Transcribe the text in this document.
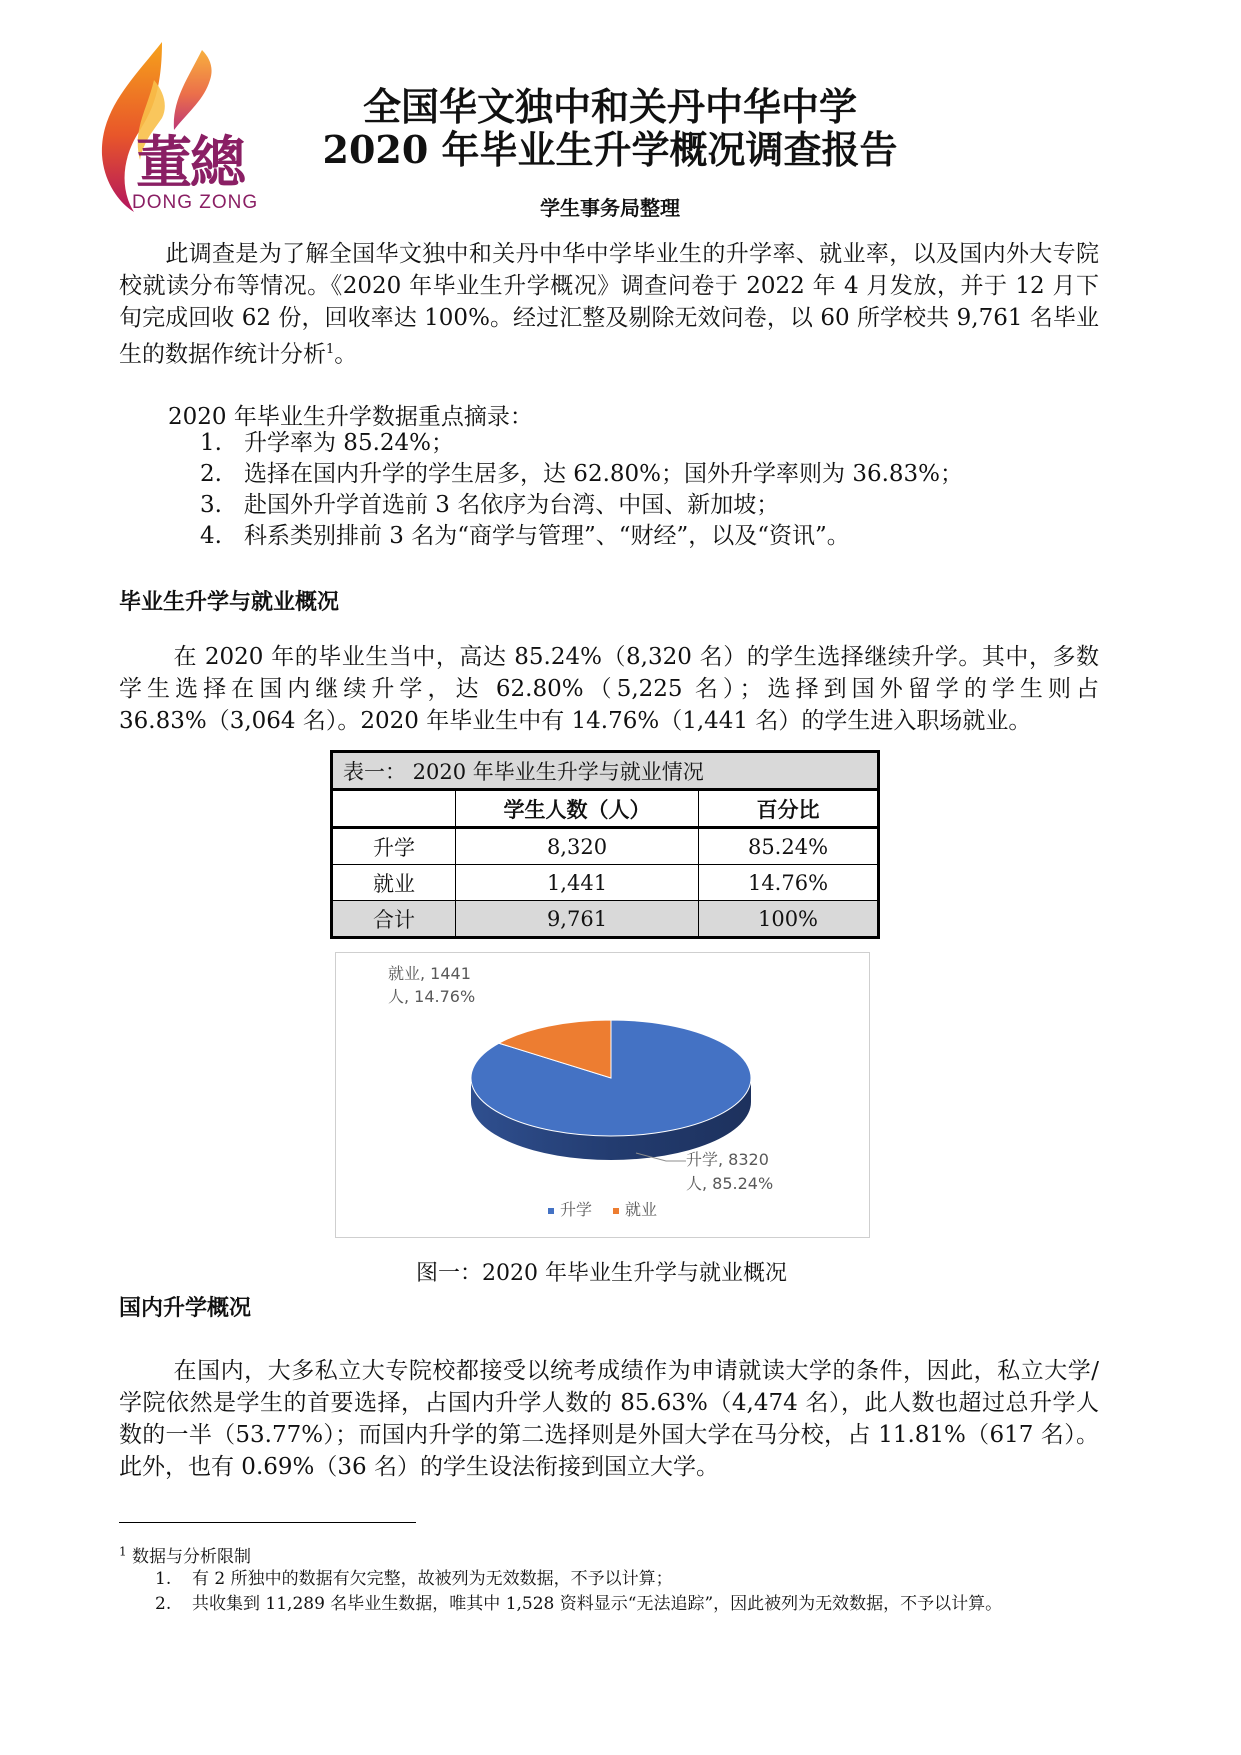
董總
DONG ZONG
全国华文独中和关丹中华中学
2020 年毕业生升学概况调查报告
学生事务局整理

此调查是为了解全国华文独中和关丹中华中学毕业生的升学率、就业率，以及国内外大专院校就读分布等情况。《2020 年毕业生升学概况》调查问卷于 2022 年 4 月发放，并于 12 月下旬完成回收 62 份，回收率达 100%。经过汇整及剔除无效问卷，以 60 所学校共 9,761 名毕业生的数据作统计分析$^1$。

2020 年毕业生升学数据重点摘录：
1. 升学率为 85.24%；
2. 选择在国内升学的学生居多，达 62.80%；国外升学率则为 36.83%；
3. 赴国外升学首选前 3 名依序为台湾、中国、新加坡；
4. 科系类别排前 3 名为“商学与管理”、“财经”，以及“资讯”。
毕业生升学与就业概况

在 2020 年的毕业生当中，高达 85.24%（8,320 名）的学生选择继续升学。其中，多数学生选择在国内继续升学，达 62.80%（5,225 名）；选择到国外留学的学生则占 36.83%（3,064 名）。2020 年毕业生中有 14.76%（1,441 名）的学生进入职场就业。

表一： 2020 年毕业生升学与就业情况		
	学生人数（人）	百分比
升学	8,320	85.24%
就业	1,441	14.76%
合计	9,761	100%
就业, 1441
人, 14.76%
升学, 8320
人, 85.24%
升学 就业
图一：2020 年毕业生升学与就业概况
国内升学概况

在国内，大多私立大专院校都接受以统考成绩作为申请就读大学的条件，因此，私立大学/学院依然是学生的首要选择，占国内升学人数的 85.63%（4,474 名），此人数也超过总升学人数的一半（53.77%）；而国内升学的第二选择则是外国大学在马分校，占 11.81%（617 名）。此外，也有 0.69%（36 名）的学生设法衔接到国立大学。

$^1$ 数据与分析限制
1. 有 2 所独中的数据有欠完整，故被列为无效数据，不予以计算；
2. 共收集到 11,289 名毕业生数据，唯其中 1,528 资料显示“无法追踪”，因此被列为无效数据，不予以计算。
